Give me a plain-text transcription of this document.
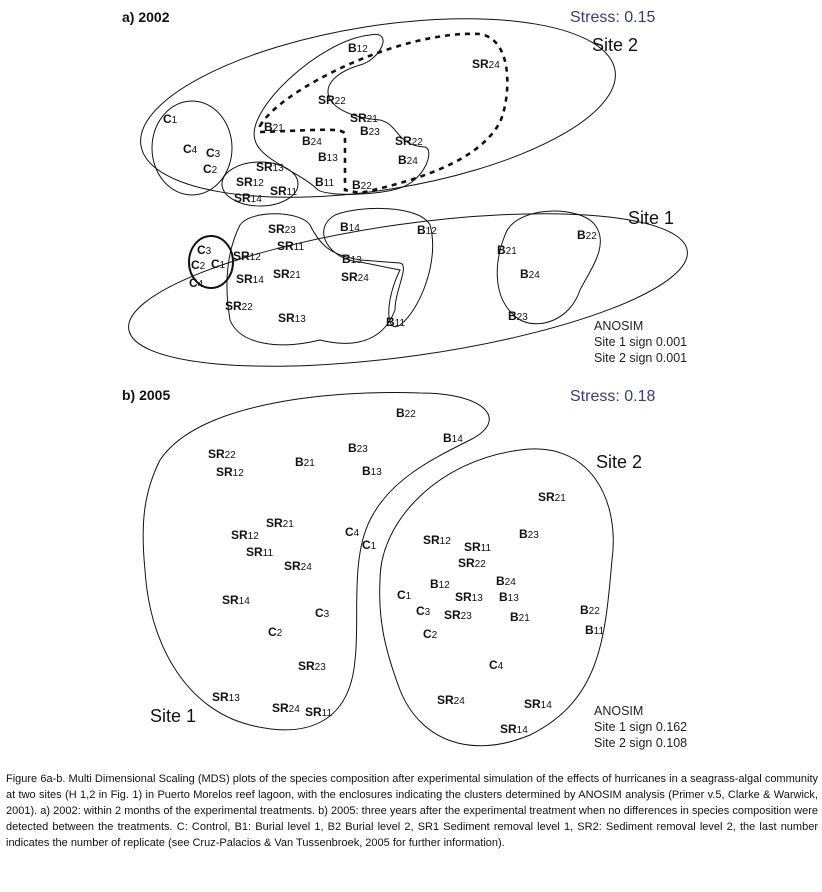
a) 2002	Stress: 0.15
Site 2
Site 1
ANOSIM
Site 1 sign 0.001
Site 2 sign 0.001
B12
SR24
SR22
SR21
B23
SR22
B21
B24
B13	B24
B11 B22
C1
C4 C3
C2	SR13
SR12
SR11
SR14
SR23	B14	B12
SR11
C3 SR12
C2 C1	B13
SR14 SR21	SR24
C4
SR22
SR13	B11
B21
B22
B24
B23
b) 2005	Stress: 0.18
Site 2
Site 1	ANOSIM
Site 1 sign 0.162
Site 2 sign 0.108
SR22
B22
B14
B23
SR12
B21
B13
SR21
SR21
B23
C4
SR12
C1	SR12 SR11
SR11
SR24	SR22
B12	B24
C1	SR13 B13
C3 SR23
SR14
C3	B21
B22
C2	C2	B11
SR23	C4
SR13	SR24	SR14
SR24 SR11
SR14
Figure 6a-b. Multi Dimensional Scaling (MDS) plots of the species composition after experimental simulation of the effects of hurricanes in a seagrass-algal community at two sites (H 1,2 in Fig. 1) in Puerto Morelos reef lagoon, with the enclosures indicating the clusters determined by ANOSIM analysis (Primer v.5, Clarke & Warwick, 2001). a) 2002: within 2 months of the experimental treatments. b) 2005: three years after the experimental treatment when no differences in species composition were detected between the treatments. C: Control, B1: Burial level 1, B2 Burial level 2, SR1 Sediment removal level 1, SR2: Sediment removal level 2, the last number indicates the number of replicate (see Cruz-Palacios & Van Tussenbroek, 2005 for further information).
